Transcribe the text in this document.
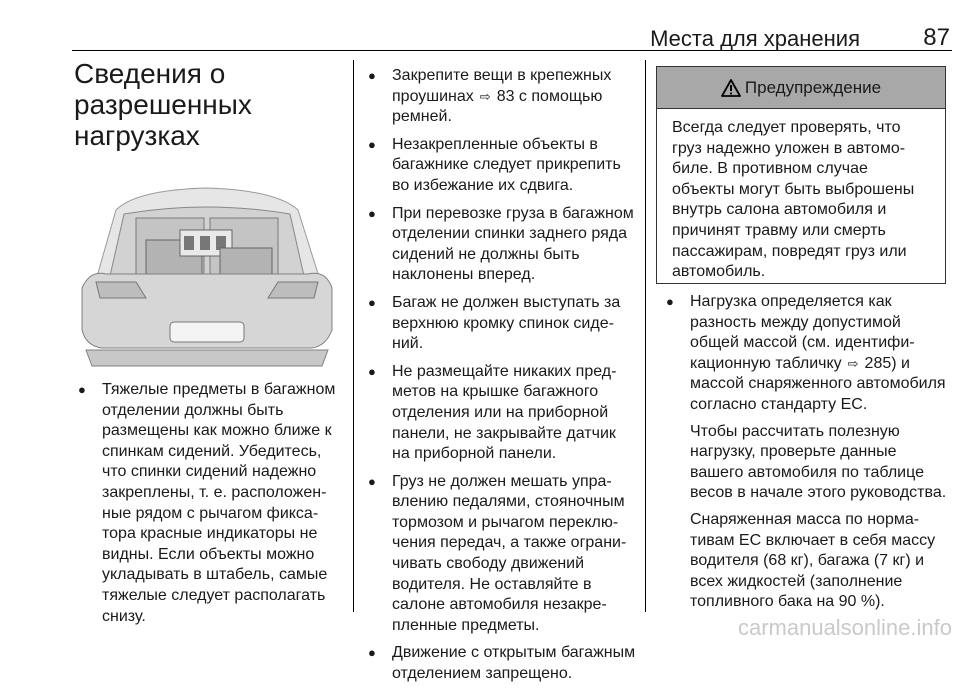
Места для хранения	87
Сведения о разрешенных нагрузках

● Тяжелые предметы в багажном отделении должны быть размещены как можно ближе к спинкам сидений. Убедитесь, что спинки сидений надежно закреплены, т. е. расположенные рядом с рычагом фиксатора красные индикаторы не видны. Если объекты можно укладывать в штабель, самые тяжелые следует располагать снизу.

● Закрепите вещи в крепежных проушинах ⇨ 83 с помощью ремней.

● Незакрепленные объекты в багажнике следует прикрепить во избежание их сдвига.

● При перевозке груза в багажном отделении спинки заднего ряда сидений не должны быть наклонены вперед.

● Багаж не должен выступать за верхнюю кромку спинок сидений.

● Не размещайте никаких предметов на крышке багажного отделения или на приборной панели, не закрывайте датчик на приборной панели.

● Груз не должен мешать управлению педалями, стояночным тормозом и рычагом переключения передач, а также ограничивать свободу движений водителя. Не оставляйте в салоне автомобиля незакрепленные предметы.

● Движение с открытым багажным отделением запрещено.

Предупреждение

Всегда следует проверять, что груз надежно уложен в автомобиле. В противном случае объекты могут быть выброшены внутрь салона автомобиля и причинят травму или смерть пассажирам, повредят груз или автомобиль.

● Нагрузка определяется как разность между допустимой общей массой (см. идентификационную табличку ⇨ 285) и массой снаряженного автомобиля согласно стандарту ЕС.

Чтобы рассчитать полезную нагрузку, проверьте данные вашего автомобиля по таблице весов в начале этого руководства.

Снаряженная масса по нормативам ЕС включает в себя массу водителя (68 кг), багажа (7 кг) и всех жидкостей (заполнение топливного бака на 90 %).

carmanualsonline.info
